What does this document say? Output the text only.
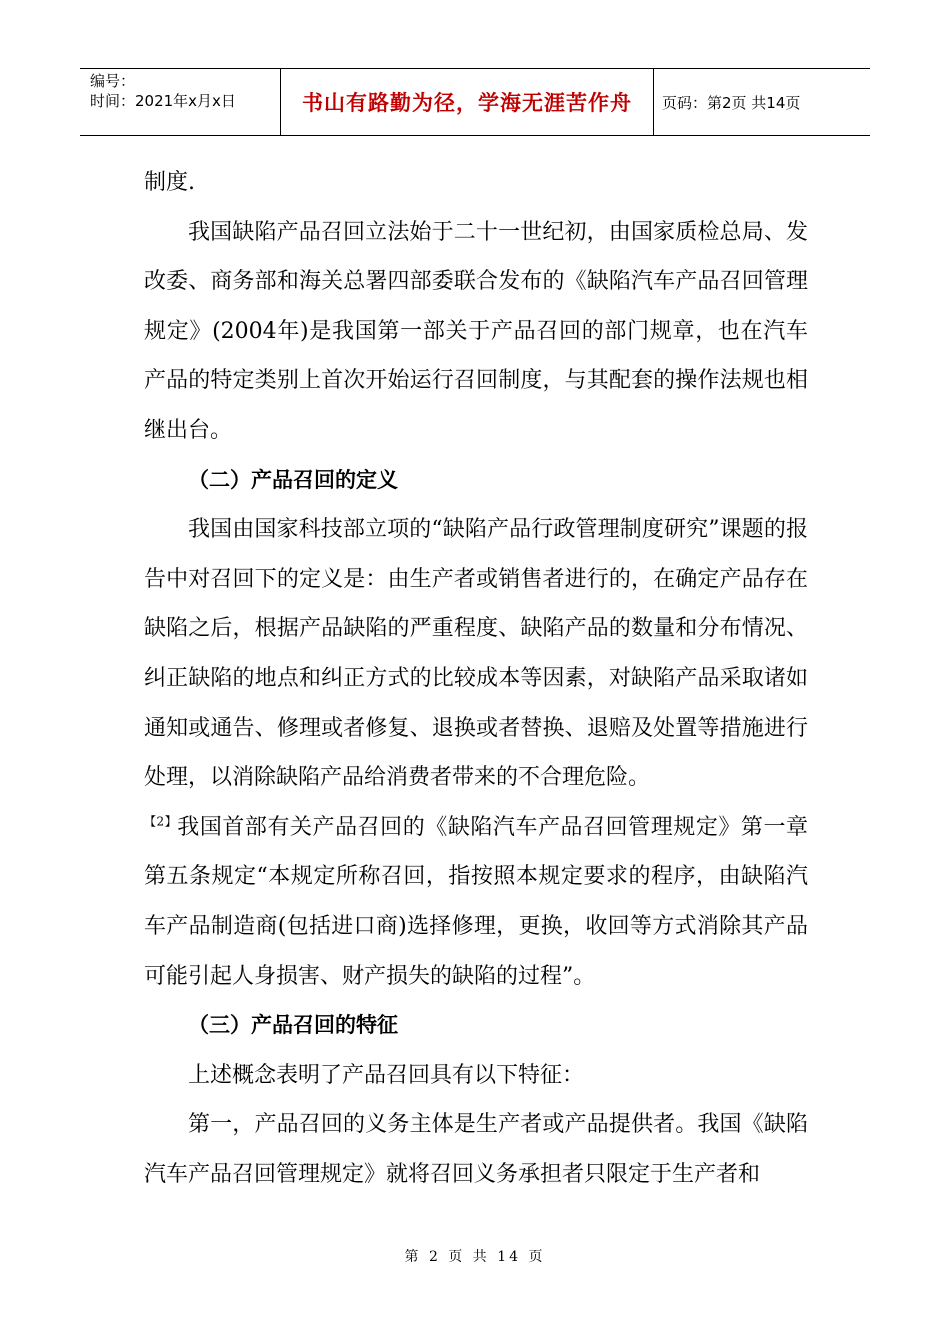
编号：
时间：2021年x月x日	书山有路勤为径，学海无涯苦作舟 页码：第2页 共14页

制度.

我国缺陷产品召回立法始于二十一世纪初，由国家质检总局、发改委、商务部和海关总署四部委联合发布的《缺陷汽车产品召回管理规定》(2004年)是我国第一部关于产品召回的部门规章，也在汽车产品的特定类别上首次开始运行召回制度，与其配套的操作法规也相继出台。

（二）产品召回的定义

我国由国家科技部立项的“缺陷产品行政管理制度研究”课题的报告中对召回下的定义是：由生产者或销售者进行的，在确定产品存在缺陷之后，根据产品缺陷的严重程度、缺陷产品的数量和分布情况、纠正缺陷的地点和纠正方式的比较成本等因素，对缺陷产品采取诸如通知或通告、修理或者修复、退换或者替换、退赔及处置等措施进行处理，以消除缺陷产品给消费者带来的不合理危险。

$^{【2】}$我国首部有关产品召回的《缺陷汽车产品召回管理规定》第一章第五条规定“本规定所称召回，指按照本规定要求的程序，由缺陷汽车产品制造商(包括进口商)选择修理，更换，收回等方式消除其产品可能引起人身损害、财产损失的缺陷的过程”。

（三）产品召回的特征

上述概念表明了产品召回具有以下特征：

第一，产品召回的义务主体是生产者或产品提供者。我国《缺陷汽车产品召回管理规定》就将召回义务承担者只限定于生产者和

第 2 页 共 14 页
